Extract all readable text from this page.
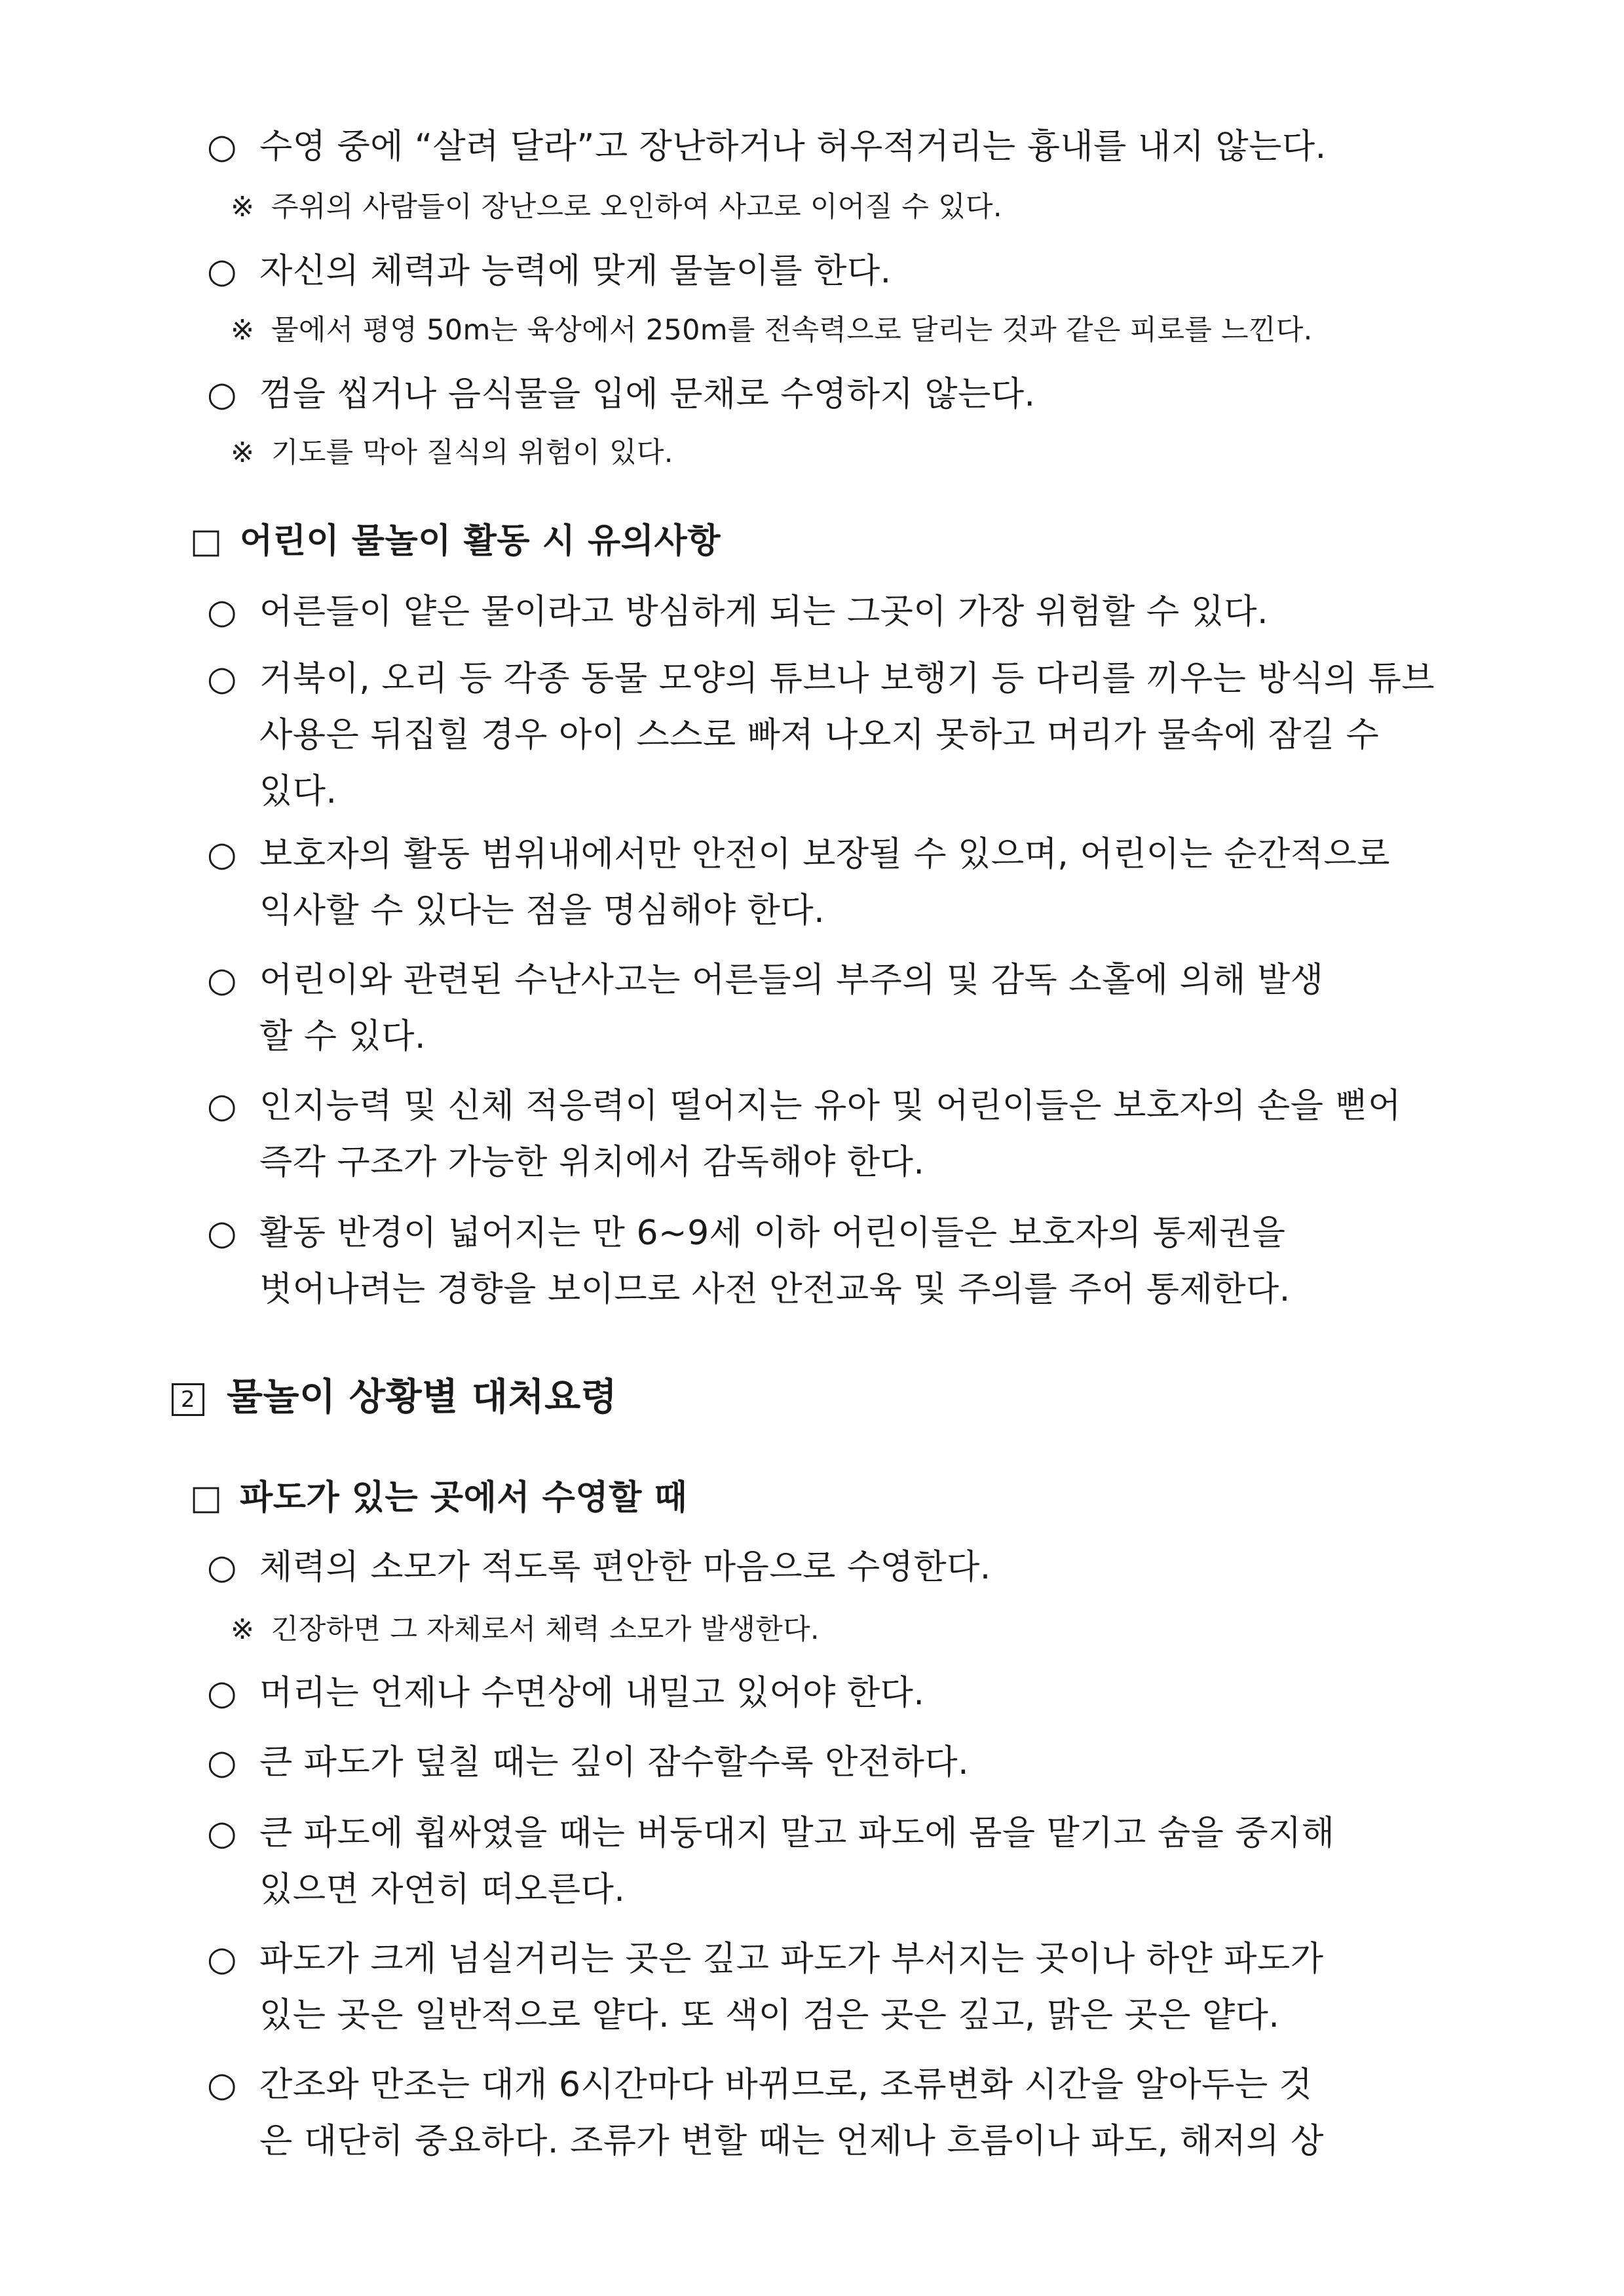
○ 수영 중에 “살려 달라”고 장난하거나 허우적거리는 흉내를 내지 않는다.
※ 주위의 사람들이 장난으로 오인하여 사고로 이어질 수 있다.
○ 자신의 체력과 능력에 맞게 물놀이를 한다.
※ 물에서 평영 50m는 육상에서 250m를 전속력으로 달리는 것과 같은 피로를 느낀다.
○ 껌을 씹거나 음식물을 입에 문채로 수영하지 않는다.
※ 기도를 막아 질식의 위험이 있다.
□ 어린이 물놀이 활동 시 유의사항
○ 어른들이 얕은 물이라고 방심하게 되는 그곳이 가장 위험할 수 있다.
○ 거북이, 오리 등 각종 동물 모양의 튜브나 보행기 등 다리를 끼우는 방식의 튜브
사용은 뒤집힐 경우 아이 스스로 빠져 나오지 못하고 머리가 물속에 잠길 수
있다.
○ 보호자의 활동 범위내에서만 안전이 보장될 수 있으며, 어린이는 순간적으로
익사할 수 있다는 점을 명심해야 한다.
○ 어린이와 관련된 수난사고는 어른들의 부주의 및 감독 소홀에 의해 발생
할 수 있다.
○ 인지능력 및 신체 적응력이 떨어지는 유아 및 어린이들은 보호자의 손을 뻗어
즉각 구조가 가능한 위치에서 감독해야 한다.
○ 활동 반경이 넓어지는 만 6~9세 이하 어린이들은 보호자의 통제권을
벗어나려는 경향을 보이므로 사전 안전교육 및 주의를 주어 통제한다.
2 물놀이 상황별 대처요령
□ 파도가 있는 곳에서 수영할 때
○ 체력의 소모가 적도록 편안한 마음으로 수영한다.
※ 긴장하면 그 자체로서 체력 소모가 발생한다.
○ 머리는 언제나 수면상에 내밀고 있어야 한다.
○ 큰 파도가 덮칠 때는 깊이 잠수할수록 안전하다.
○ 큰 파도에 휩싸였을 때는 버둥대지 말고 파도에 몸을 맡기고 숨을 중지해
있으면 자연히 떠오른다.
○ 파도가 크게 넘실거리는 곳은 깊고 파도가 부서지는 곳이나 하얀 파도가
있는 곳은 일반적으로 얕다. 또 색이 검은 곳은 깊고, 맑은 곳은 얕다.
○ 간조와 만조는 대개 6시간마다 바뀌므로, 조류변화 시간을 알아두는 것
은 대단히 중요하다. 조류가 변할 때는 언제나 흐름이나 파도, 해저의 상
